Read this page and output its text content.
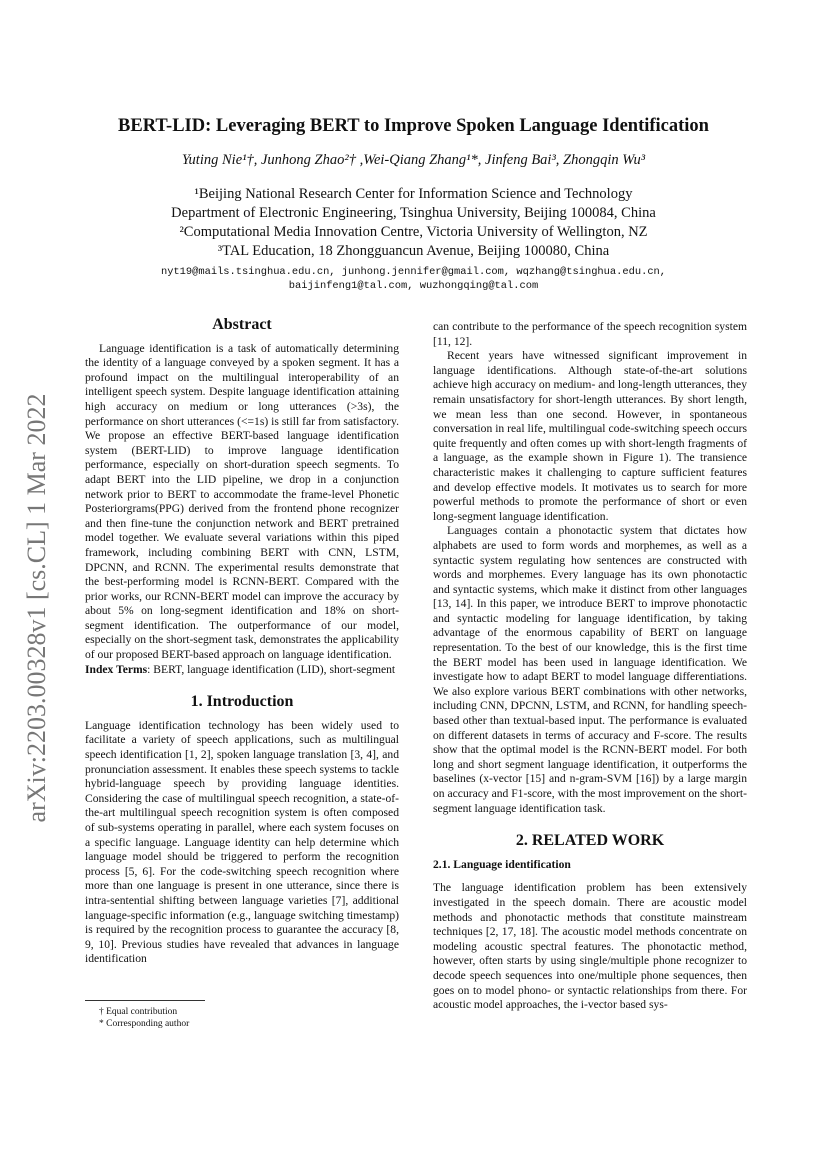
BERT-LID: Leveraging BERT to Improve Spoken Language Identification
Yuting Nie¹†, Junhong Zhao²† ,Wei-Qiang Zhang¹*, Jinfeng Bai³, Zhongqin Wu³
¹Beijing National Research Center for Information Science and Technology
Department of Electronic Engineering, Tsinghua University, Beijing 100084, China
²Computational Media Innovation Centre, Victoria University of Wellington, NZ
³TAL Education, 18 Zhongguancun Avenue, Beijing 100080, China
nyt19@mails.tsinghua.edu.cn, junhong.jennifer@gmail.com, wqzhang@tsinghua.edu.cn,
baijinfeng1@tal.com, wuzhongqing@tal.com
arXiv:2203.00328v1 [cs.CL] 1 Mar 2022
Abstract

Language identification is a task of automatically determining the identity of a language conveyed by a spoken segment. It has a profound impact on the multilingual interoperability of an intelligent speech system. Despite language identification attaining high accuracy on medium or long utterances (>3s), the performance on short utterances (<=1s) is still far from satisfactory. We propose an effective BERT-based language identification system (BERT-LID) to improve language identification performance, especially on short-duration speech segments. To adapt BERT into the LID pipeline, we drop in a conjunction network prior to BERT to accommodate the frame-level Phonetic Posteriorgrams(PPG) derived from the frontend phone recognizer and then fine-tune the conjunction network and BERT pretrained model together. We evaluate several variations within this piped framework, including combining BERT with CNN, LSTM, DPCNN, and RCNN. The experimental results demonstrate that the best-performing model is RCNN-BERT. Compared with the prior works, our RCNN-BERT model can improve the accuracy by about 5% on long-segment identification and 18% on short-segment identification. The outperformance of our model, especially on the short-segment task, demonstrates the applicability of our proposed BERT-based approach on language identification.

Index Terms: BERT, language identification (LID), short-segment

1. Introduction

Language identification technology has been widely used to facilitate a variety of speech applications, such as multilingual speech identification [1, 2], spoken language translation [3, 4], and pronunciation assessment. It enables these speech systems to tackle hybrid-language speech by providing language identities. Considering the case of multilingual speech recognition, a state-of-the-art multilingual speech recognition system is often composed of sub-systems operating in parallel, where each system focuses on a specific language. Language identity can help determine which language model should be triggered to perform the recognition process [5, 6]. For the code-switching speech recognition where more than one language is present in one utterance, since there is intra-sentential shifting between language varieties [7], additional language-specific information (e.g., language switching timestamp) is required by the recognition process to guarantee the accuracy [8, 9, 10]. Previous studies have revealed that advances in language identification

† Equal contribution
* Corresponding author

can contribute to the performance of the speech recognition system [11, 12].

Recent years have witnessed significant improvement in language identifications. Although state-of-the-art solutions achieve high accuracy on medium- and long-length utterances, they remain unsatisfactory for short-length utterances. By short length, we mean less than one second. However, in spontaneous conversation in real life, multilingual code-switching speech occurs quite frequently and often comes up with short-length fragments of a language, as the example shown in Figure 1). The transience characteristic makes it challenging to capture sufficient features and develop effective models. It motivates us to search for more powerful methods to promote the performance of short or even long-segment language identification.

Languages contain a phonotactic system that dictates how alphabets are used to form words and morphemes, as well as a syntactic system regulating how sentences are constructed with words and morphemes. Every language has its own phonotactic and syntactic systems, which make it distinct from other languages [13, 14]. In this paper, we introduce BERT to improve phonotactic and syntactic modeling for language identification, by taking advantage of the enormous capability of BERT on language representation. To the best of our knowledge, this is the first time the BERT model has been used in language identification. We investigate how to adapt BERT to model language differentiations. We also explore various BERT combinations with other networks, including CNN, DPCNN, LSTM, and RCNN, for handling speech-based other than textual-based input. The performance is evaluated on different datasets in terms of accuracy and F-score. The results show that the optimal model is the RCNN-BERT model. For both long and short segment language identification, it outperforms the baselines (x-vector [15] and n-gram-SVM [16]) by a large margin on accuracy and F1-score, with the most improvement on the short-segment language identification task.

2. RELATED WORK
2.1. Language identification

The language identification problem has been extensively investigated in the speech domain. There are acoustic model methods and phonotactic methods that constitute mainstream techniques [2, 17, 18]. The acoustic model methods concentrate on modeling acoustic spectral features. The phonotactic method, however, often starts by using single/multiple phone recognizer to decode speech sequences into one/multiple phone sequences, then goes on to model phono- or syntactic relationships from there. For acoustic model approaches, the i-vector based sys-
